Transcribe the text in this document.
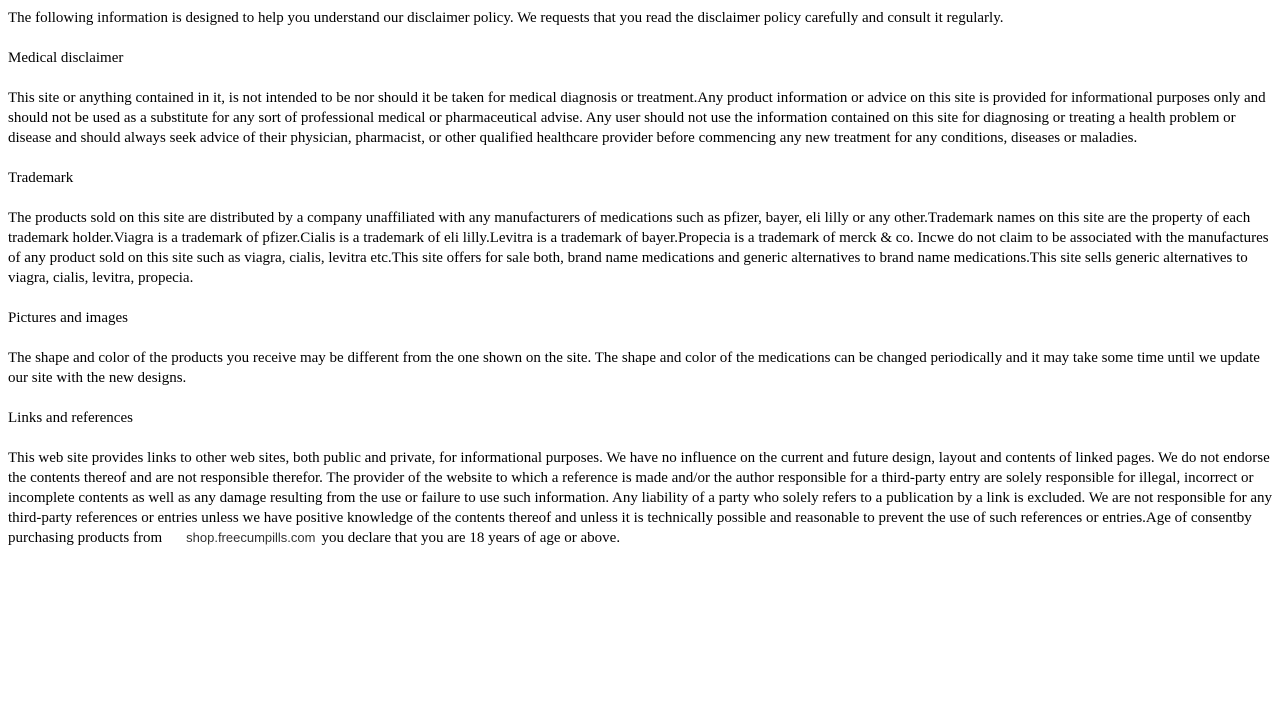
The following information is designed to help you understand our disclaimer policy. We requests that you read the disclaimer policy carefully and consult it regularly.

Medical disclaimer

This site or anything contained in it, is not intended to be nor should it be taken for medical diagnosis or treatment.Any product information or advice on this site is provided for informational purposes only and should not be used as a substitute for any sort of professional medical or pharmaceutical advise. Any user should not use the information contained on this site for diagnosing or treating a health problem or disease and should always seek advice of their physician, pharmacist, or other qualified healthcare provider before commencing any new treatment for any conditions, diseases or maladies.

Trademark

The products sold on this site are distributed by a company unaffiliated with any manufacturers of medications such as pfizer, bayer, eli lilly or any other.Trademark names on this site are the property of each trademark holder.Viagra is a trademark of pfizer.Cialis is a trademark of eli lilly.Levitra is a trademark of bayer.Propecia is a trademark of merck & co. Incwe do not claim to be associated with the manufactures of any product sold on this site such as viagra, cialis, levitra etc.This site offers for sale both, brand name medications and generic alternatives to brand name medications.This site sells generic alternatives to viagra, cialis, levitra, propecia.

Pictures and images

The shape and color of the products you receive may be different from the one shown on the site. The shape and color of the medications can be changed periodically and it may take some time until we update our site with the new designs.

Links and references

This web site provides links to other web sites, both public and private, for informational purposes. We have no influence on the current and future design, layout and contents of linked pages. We do not endorse the contents thereof and are not responsible therefor. The provider of the website to which a reference is made and/or the author responsible for a third-party entry are solely responsible for illegal, incorrect or incomplete contents as well as any damage resulting from the use or failure to use such information. Any liability of a party who solely refers to a publication by a link is excluded. We are not responsible for any third-party references or entries unless we have positive knowledge of the contents thereof and unless it is technically possible and reasonable to prevent the use of such references or entries.Age of consentby purchasing products from shop.freecumpills.com you declare that you are 18 years of age or above.
